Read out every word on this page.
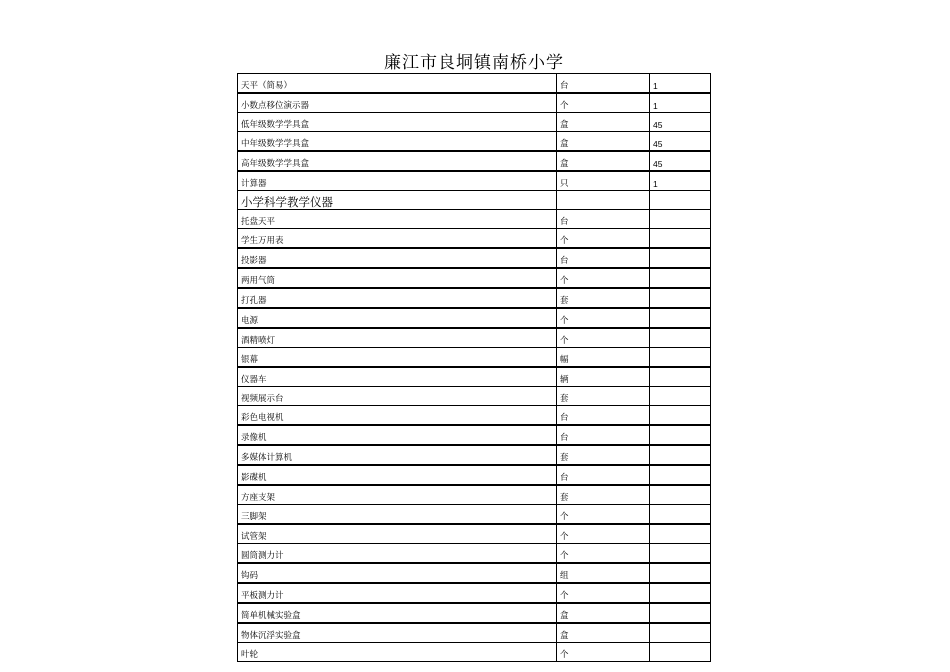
廉江市良垌镇南桥小学
天平（简易）	台	1
小数点移位演示器	个	1
低年级数学学具盒	盒	45
中年级数学学具盒	盒	45
高年级数学学具盒	盒	45
计算器	只	1
小学科学教学仪器		
托盘天平	台	
学生万用表	个	
投影器	台	
两用气筒	个	
打孔器	套	
电源	个	
酒精喷灯	个	
银幕	幅	
仪器车	辆	
视频展示台	套	
彩色电视机	台	
录像机	台	
多媒体计算机	套	
影碟机	台	
方座支架	套	
三脚架	个	
试管架	个	
圆筒测力计	个	
钩码	组	
平板测力计	个	
简单机械实验盒	盒	
物体沉浮实验盒	盒	
叶轮	个	
